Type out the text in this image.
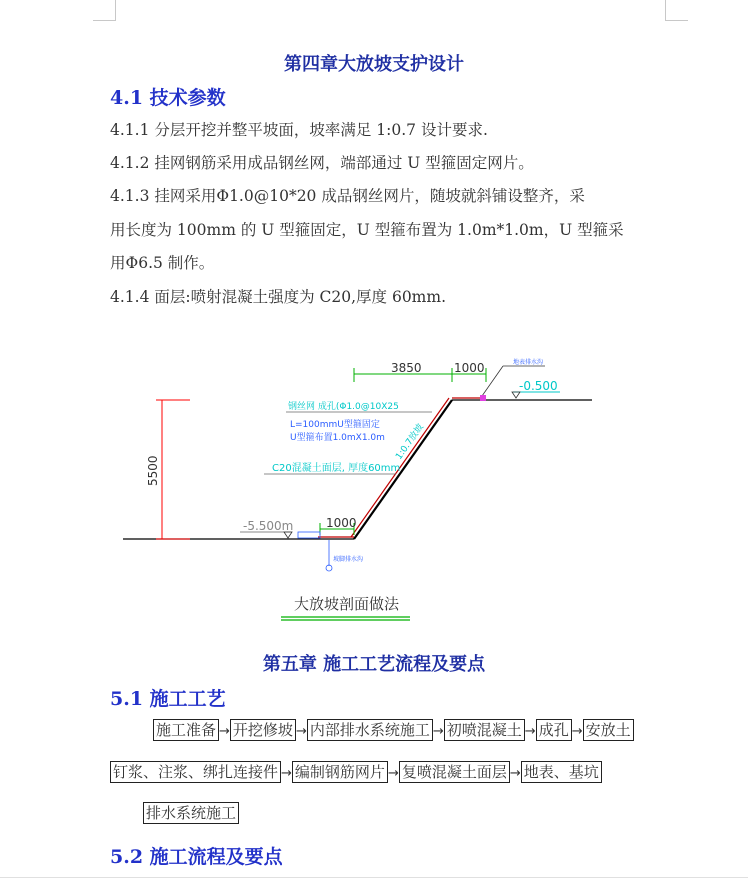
第四章大放坡支护设计
4.1 技术参数
4.1.1 分层开挖并整平坡面，坡率满足 1:0.7 设计要求.
4.1.2 挂网钢筋采用成品钢丝网，端部通过 U 型箍固定网片。
4.1.3 挂网采用Φ1.0@10*20 成品钢丝网片，随坡就斜铺设整齐，采
用长度为 100mm 的 U 型箍固定，U 型箍布置为 1.0m*1.0m，U 型箍采
用Φ6.5 制作。
4.1.4 面层:喷射混凝土强度为 C20,厚度 60mm.
5500
3850	1000
-0.500
地表排水沟
-5.500m	1000
坡脚排水沟
钢丝网 成孔(Φ1.0@10X25
L=100mmU型箍固定
U型箍布置1.0mX1.0m
C20混凝土面层, 厚度60mm
1:0.7放坡
大放坡剖面做法
第五章 施工工艺流程及要点
5.1 施工工艺
施工准备 → 开挖修坡 → 内部排水系统施工 → 初喷混凝土 → 成孔 → 安放土
钉浆、注浆、绑扎连接件 → 编制钢筋网片 →复喷混凝土面层 → 地表、基坑
排水系统施工
5.2 施工流程及要点
